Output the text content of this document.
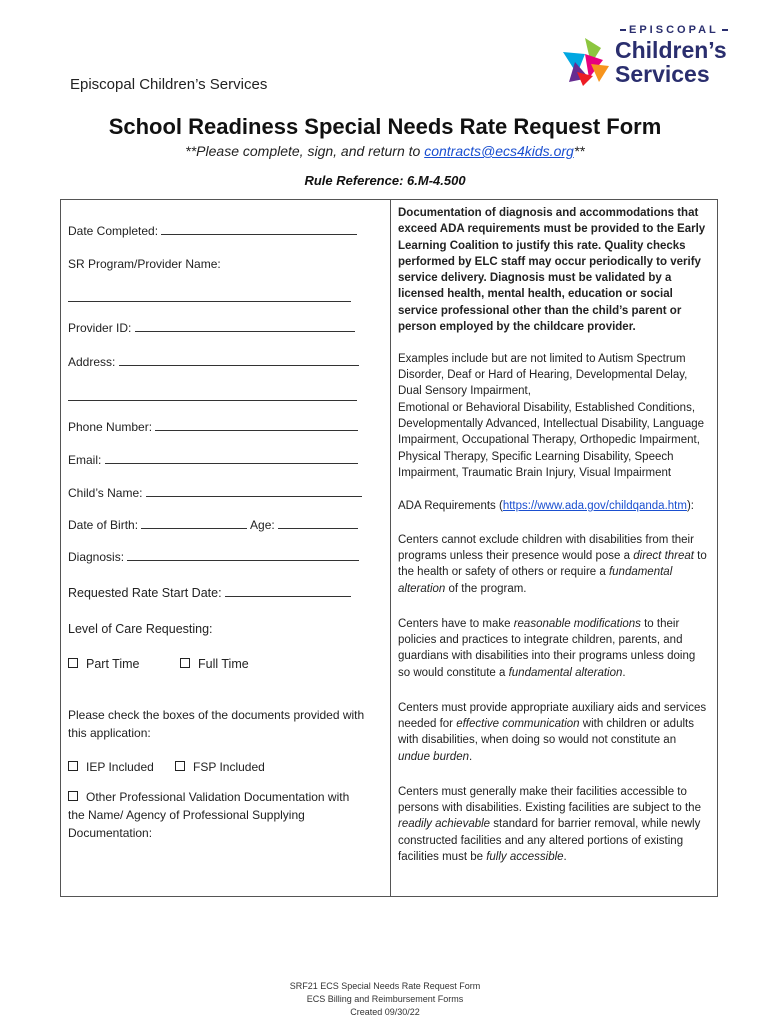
Episcopal Children’s Services
EPISCOPAL
Children’s
Services
School Readiness Special Needs Rate Request Form
**Please complete, sign, and return to contracts@ecs4kids.org**
Rule Reference: 6.M-4.500
Date Completed:
SR Program/Provider Name:
Provider ID:
Address:
Phone Number:
Email:
Child’s Name:
Date of Birth:	Age:
Diagnosis:
Requested Rate Start Date:
Level of Care Requesting:
Part Time	Full Time
Please check the boxes of the documents provided with
this application:
IEP Included	FSP Included
Other Professional Validation Documentation with
the Name/ Agency of Professional Supplying
Documentation:
Documentation of diagnosis and accommodations that exceed ADA requirements must be provided to the Early Learning Coalition to justify this rate. Quality checks performed by ELC staff may occur periodically to verify service delivery. Diagnosis must be validated by a licensed health, mental health, education or social service professional other than the child’s parent or person employed by the childcare provider.
Examples include but are not limited to Autism Spectrum Disorder, Deaf or Hard of Hearing, Developmental Delay, Dual Sensory Impairment,
Emotional or Behavioral Disability, Established Conditions, Developmentally Advanced, Intellectual Disability, Language Impairment, Occupational Therapy, Orthopedic Impairment, Physical Therapy, Specific Learning Disability, Speech Impairment, Traumatic Brain Injury, Visual Impairment
ADA Requirements (https://www.ada.gov/childqanda.htm):
Centers cannot exclude children with disabilities from their programs unless their presence would pose a direct threat to the health or safety of others or require a fundamental alteration of the program.
Centers have to make reasonable modifications to their policies and practices to integrate children, parents, and guardians with disabilities into their programs unless doing so would constitute a fundamental alteration.
Centers must provide appropriate auxiliary aids and services needed for effective communication with children or adults with disabilities, when doing so would not constitute an undue burden.
Centers must generally make their facilities accessible to persons with disabilities. Existing facilities are subject to the readily achievable standard for barrier removal, while newly constructed facilities and any altered portions of existing facilities must be fully accessible.
SRF21 ECS Special Needs Rate Request Form
ECS Billing and Reimbursement Forms
Created 09/30/22
